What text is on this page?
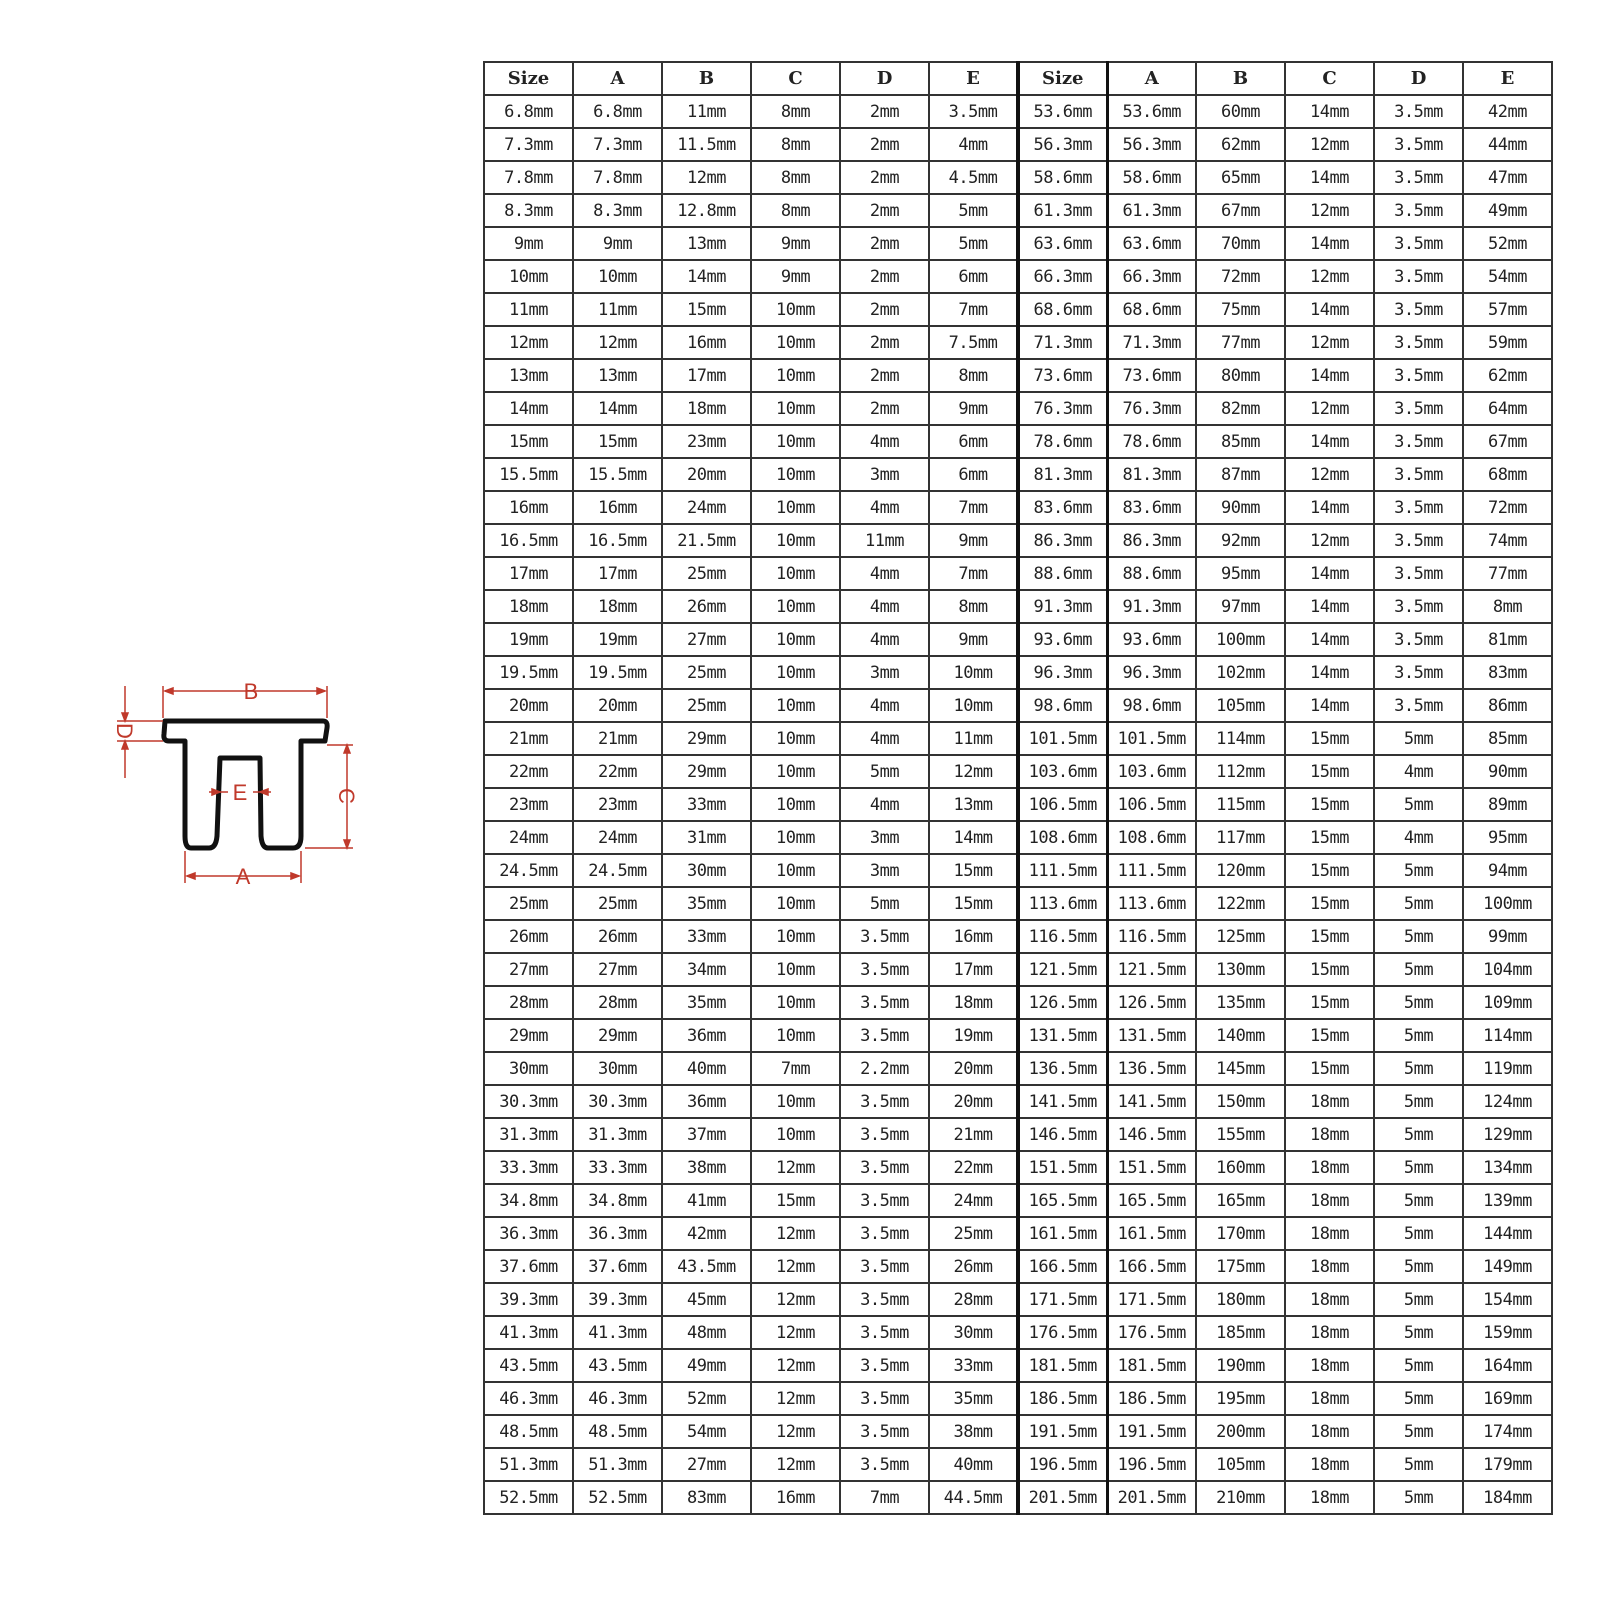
B
D
C
E
A
Size	A	B	C	D	E	Size	A	B	C	D	E
6.8mm	6.8mm	11mm	8mm	2mm	3.5mm	53.6mm	53.6mm	60mm	14mm	3.5mm	42mm
7.3mm	7.3mm	11.5mm	8mm	2mm	4mm	56.3mm	56.3mm	62mm	12mm	3.5mm	44mm
7.8mm	7.8mm	12mm	8mm	2mm	4.5mm	58.6mm	58.6mm	65mm	14mm	3.5mm	47mm
8.3mm	8.3mm	12.8mm	8mm	2mm	5mm	61.3mm	61.3mm	67mm	12mm	3.5mm	49mm
9mm	9mm	13mm	9mm	2mm	5mm	63.6mm	63.6mm	70mm	14mm	3.5mm	52mm
10mm	10mm	14mm	9mm	2mm	6mm	66.3mm	66.3mm	72mm	12mm	3.5mm	54mm
11mm	11mm	15mm	10mm	2mm	7mm	68.6mm	68.6mm	75mm	14mm	3.5mm	57mm
12mm	12mm	16mm	10mm	2mm	7.5mm	71.3mm	71.3mm	77mm	12mm	3.5mm	59mm
13mm	13mm	17mm	10mm	2mm	8mm	73.6mm	73.6mm	80mm	14mm	3.5mm	62mm
14mm	14mm	18mm	10mm	2mm	9mm	76.3mm	76.3mm	82mm	12mm	3.5mm	64mm
15mm	15mm	23mm	10mm	4mm	6mm	78.6mm	78.6mm	85mm	14mm	3.5mm	67mm
15.5mm	15.5mm	20mm	10mm	3mm	6mm	81.3mm	81.3mm	87mm	12mm	3.5mm	68mm
16mm	16mm	24mm	10mm	4mm	7mm	83.6mm	83.6mm	90mm	14mm	3.5mm	72mm
16.5mm	16.5mm	21.5mm	10mm	11mm	9mm	86.3mm	86.3mm	92mm	12mm	3.5mm	74mm
17mm	17mm	25mm	10mm	4mm	7mm	88.6mm	88.6mm	95mm	14mm	3.5mm	77mm
18mm	18mm	26mm	10mm	4mm	8mm	91.3mm	91.3mm	97mm	14mm	3.5mm	8mm
19mm	19mm	27mm	10mm	4mm	9mm	93.6mm	93.6mm	100mm	14mm	3.5mm	81mm
19.5mm	19.5mm	25mm	10mm	3mm	10mm	96.3mm	96.3mm	102mm	14mm	3.5mm	83mm
20mm	20mm	25mm	10mm	4mm	10mm	98.6mm	98.6mm	105mm	14mm	3.5mm	86mm
21mm	21mm	29mm	10mm	4mm	11mm	101.5mm	101.5mm	114mm	15mm	5mm	85mm
22mm	22mm	29mm	10mm	5mm	12mm	103.6mm	103.6mm	112mm	15mm	4mm	90mm
23mm	23mm	33mm	10mm	4mm	13mm	106.5mm	106.5mm	115mm	15mm	5mm	89mm
24mm	24mm	31mm	10mm	3mm	14mm	108.6mm	108.6mm	117mm	15mm	4mm	95mm
24.5mm	24.5mm	30mm	10mm	3mm	15mm	111.5mm	111.5mm	120mm	15mm	5mm	94mm
25mm	25mm	35mm	10mm	5mm	15mm	113.6mm	113.6mm	122mm	15mm	5mm	100mm
26mm	26mm	33mm	10mm	3.5mm	16mm	116.5mm	116.5mm	125mm	15mm	5mm	99mm
27mm	27mm	34mm	10mm	3.5mm	17mm	121.5mm	121.5mm	130mm	15mm	5mm	104mm
28mm	28mm	35mm	10mm	3.5mm	18mm	126.5mm	126.5mm	135mm	15mm	5mm	109mm
29mm	29mm	36mm	10mm	3.5mm	19mm	131.5mm	131.5mm	140mm	15mm	5mm	114mm
30mm	30mm	40mm	7mm	2.2mm	20mm	136.5mm	136.5mm	145mm	15mm	5mm	119mm
30.3mm	30.3mm	36mm	10mm	3.5mm	20mm	141.5mm	141.5mm	150mm	18mm	5mm	124mm
31.3mm	31.3mm	37mm	10mm	3.5mm	21mm	146.5mm	146.5mm	155mm	18mm	5mm	129mm
33.3mm	33.3mm	38mm	12mm	3.5mm	22mm	151.5mm	151.5mm	160mm	18mm	5mm	134mm
34.8mm	34.8mm	41mm	15mm	3.5mm	24mm	165.5mm	165.5mm	165mm	18mm	5mm	139mm
36.3mm	36.3mm	42mm	12mm	3.5mm	25mm	161.5mm	161.5mm	170mm	18mm	5mm	144mm
37.6mm	37.6mm	43.5mm	12mm	3.5mm	26mm	166.5mm	166.5mm	175mm	18mm	5mm	149mm
39.3mm	39.3mm	45mm	12mm	3.5mm	28mm	171.5mm	171.5mm	180mm	18mm	5mm	154mm
41.3mm	41.3mm	48mm	12mm	3.5mm	30mm	176.5mm	176.5mm	185mm	18mm	5mm	159mm
43.5mm	43.5mm	49mm	12mm	3.5mm	33mm	181.5mm	181.5mm	190mm	18mm	5mm	164mm
46.3mm	46.3mm	52mm	12mm	3.5mm	35mm	186.5mm	186.5mm	195mm	18mm	5mm	169mm
48.5mm	48.5mm	54mm	12mm	3.5mm	38mm	191.5mm	191.5mm	200mm	18mm	5mm	174mm
51.3mm	51.3mm	27mm	12mm	3.5mm	40mm	196.5mm	196.5mm	105mm	18mm	5mm	179mm
52.5mm	52.5mm	83mm	16mm	7mm	44.5mm	201.5mm	201.5mm	210mm	18mm	5mm	184mm
